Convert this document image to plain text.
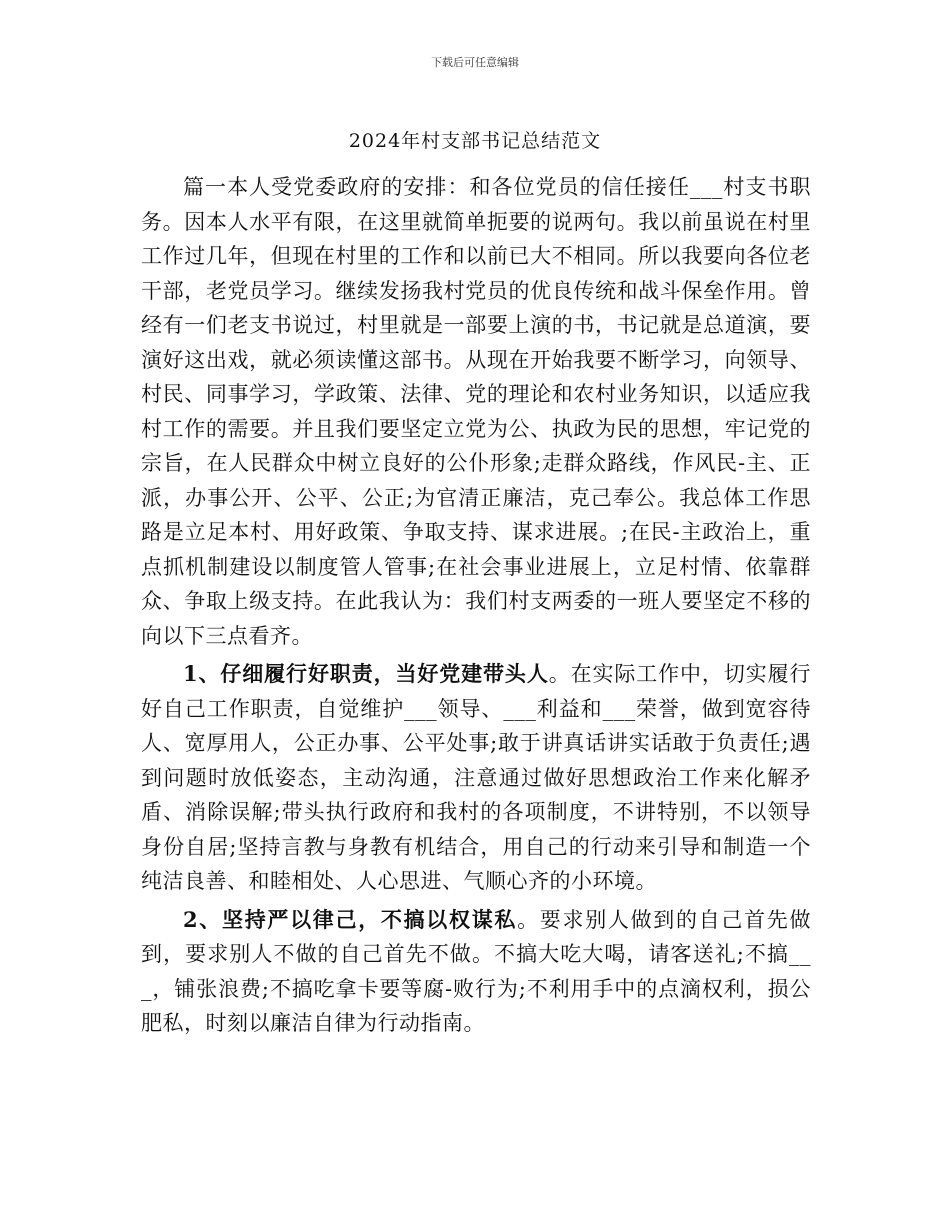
下载后可任意编辑
2024年村支部书记总结范文

篇一本人受党委政府的安排：和各位党员的信任接任___村支书职务。因本人水平有限，在这里就简单扼要的说两句。我以前虽说在村里工作过几年，但现在村里的工作和以前已大不相同。所以我要向各位老干部，老党员学习。继续发扬我村党员的优良传统和战斗保垒作用。曾经有一们老支书说过，村里就是一部要上演的书，书记就是总道演，要演好这出戏，就必须读懂这部书。从现在开始我要不断学习，向领导、村民、同事学习，学政策、法律、党的理论和农村业务知识，以适应我村工作的需要。并且我们要坚定立党为公、执政为民的思想，牢记党的宗旨，在人民群众中树立良好的公仆形象;走群众路线，作风民-主、正派，办事公开、公平、公正;为官清正廉洁，克己奉公。我总体工作思路是立足本村、用好政策、争取支持、谋求进展。;在民-主政治上，重点抓机制建设以制度管人管事;在社会事业进展上，立足村情、依靠群众、争取上级支持。在此我认为：我们村支两委的一班人要坚定不移的向以下三点看齐。

1、仔细履行好职责，当好党建带头人。在实际工作中，切实履行好自己工作职责，自觉维护___领导、___利益和___荣誉，做到宽容待人、宽厚用人，公正办事、公平处事;敢于讲真话讲实话敢于负责任;遇到问题时放低姿态，主动沟通，注意通过做好思想政治工作来化解矛盾、消除误解;带头执行政府和我村的各项制度，不讲特别，不以领导身份自居;坚持言教与身教有机结合，用自己的行动来引导和制造一个纯洁良善、和睦相处、人心思进、气顺心齐的小环境。

2、坚持严以律己，不搞以权谋私。要求别人做到的自己首先做到，要求别人不做的自己首先不做。不搞大吃大喝，请客送礼;不搞___，铺张浪费;不搞吃拿卡要等腐-败行为;不利用手中的点滴权利，损公肥私，时刻以廉洁自律为行动指南。
